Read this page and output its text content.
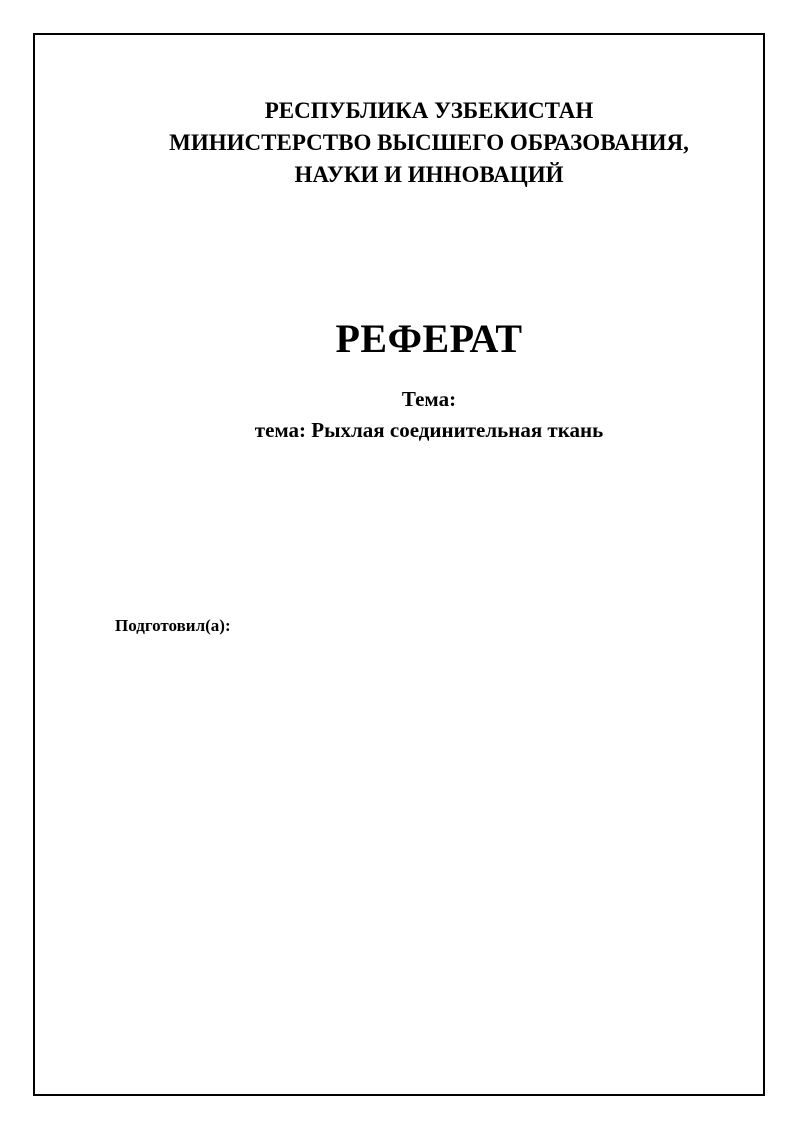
РЕСПУБЛИКА УЗБЕКИСТАН
МИНИСТЕРСТВО ВЫСШЕГО ОБРАЗОВАНИЯ,
НАУКИ И ИННОВАЦИЙ
РЕФЕРАТ
Тема:
тема: Рыхлая соединительная ткань
Подготовил(а):
